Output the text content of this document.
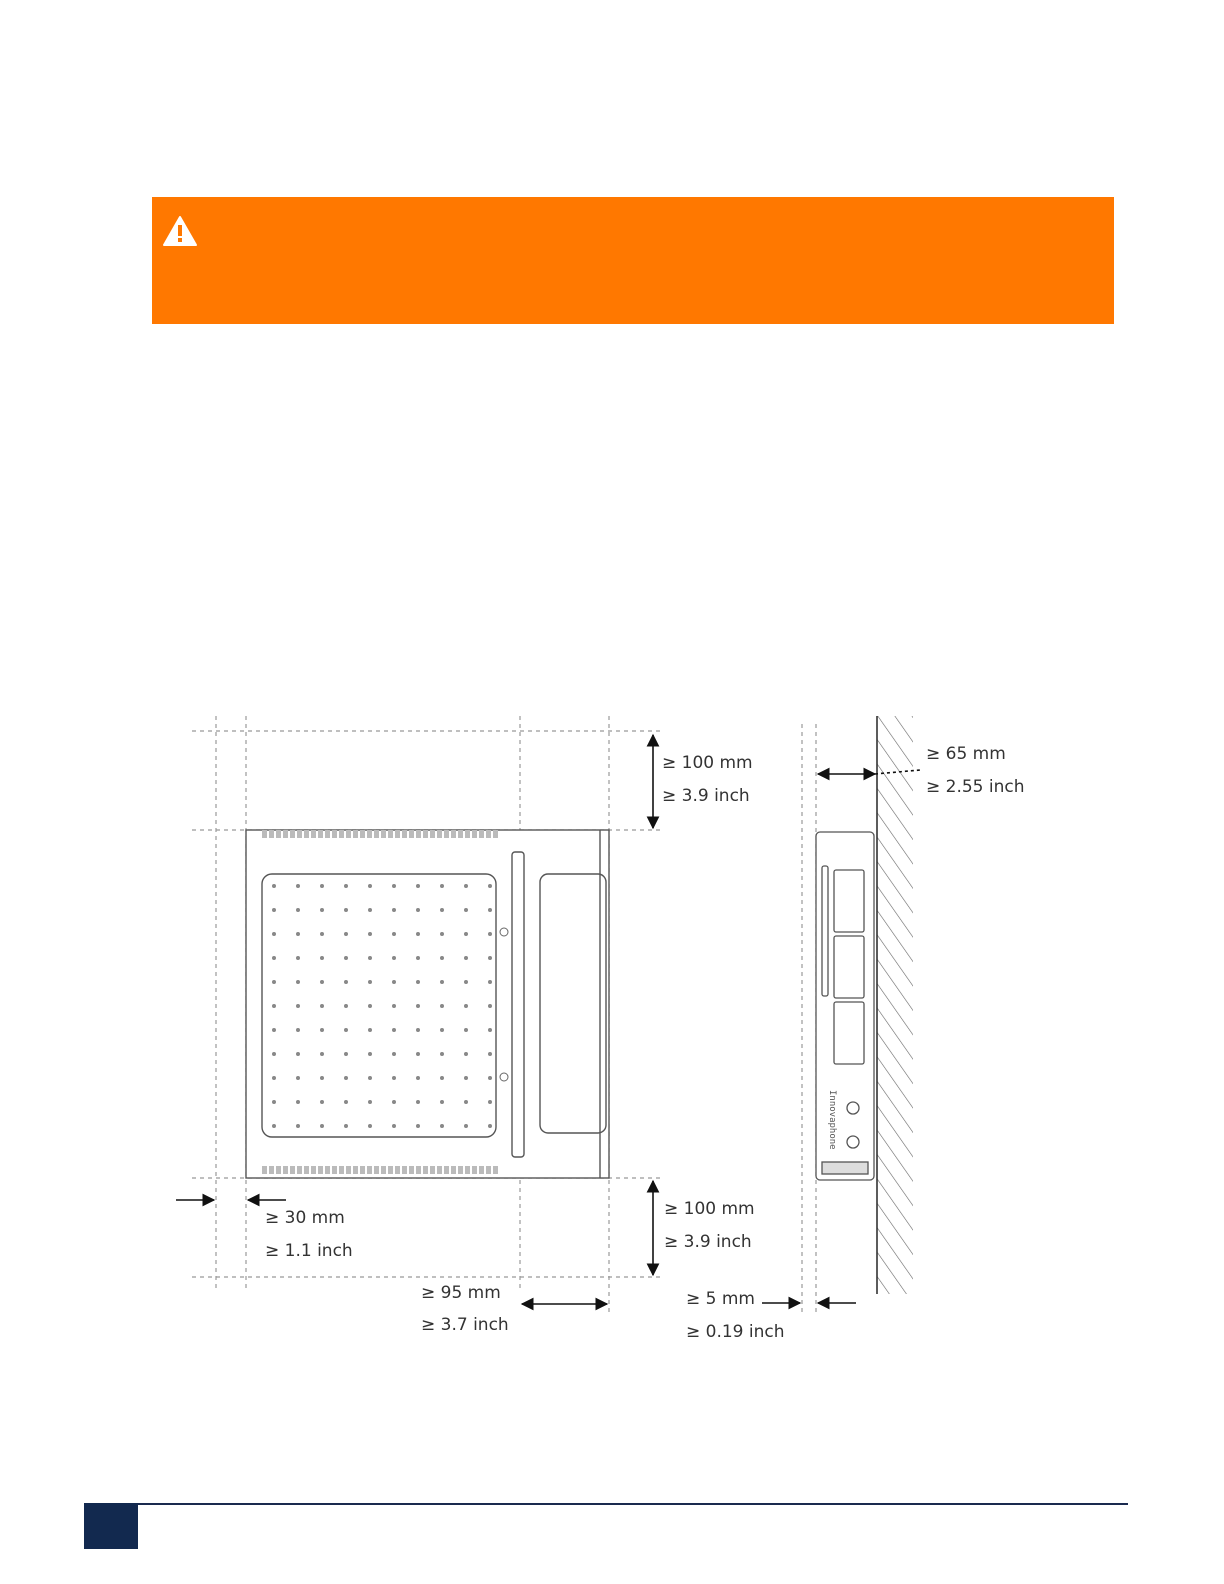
≥ 100 mm
≥ 3.9 inch
≥ 100 mm
≥ 3.9 inch
≥ 30 mm
≥ 1.1 inch
≥ 95 mm
≥ 3.7 inch
≥ 65 mm
≥ 2.55 inch
≥ 5 mm
≥ 0.19 inch
Innovaphone
